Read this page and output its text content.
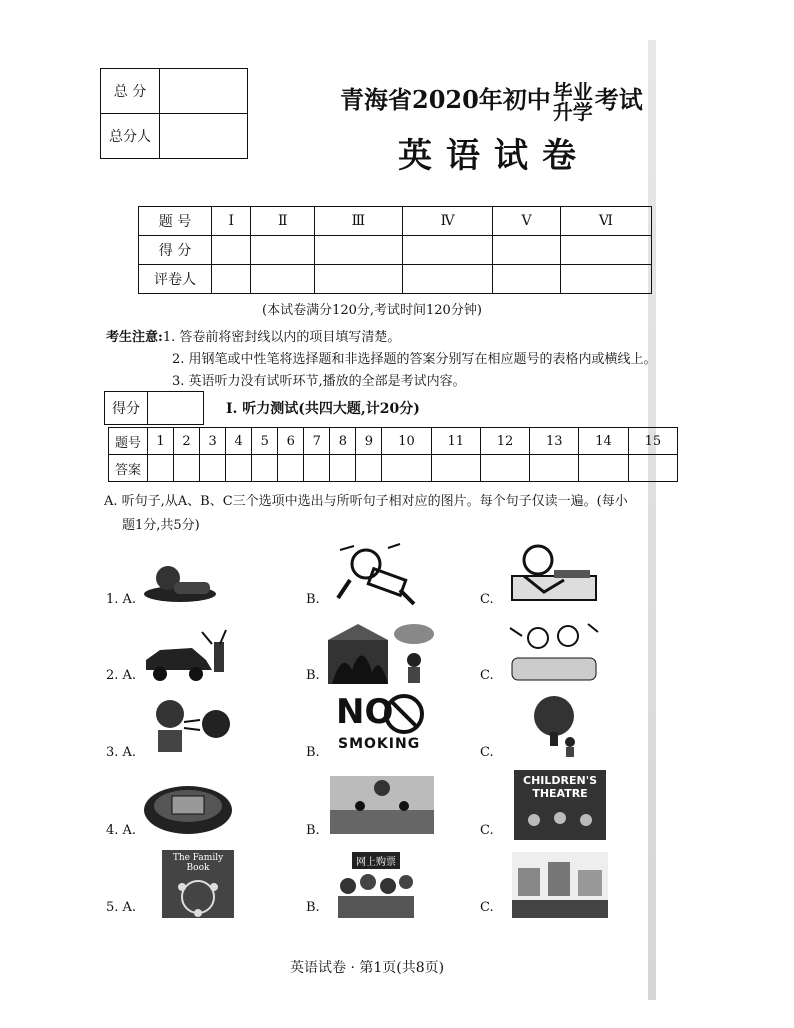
总 分	
总分人	
青海省2020年初中 毕业
升学考试
英语试卷
题 号	Ⅰ	Ⅱ	Ⅲ	Ⅳ	Ⅴ	Ⅵ
得 分						
评卷人						
(本试卷满分120分,考试时间120分钟)
考生注意:1. 答卷前将密封线以内的项目填写清楚。
2. 用钢笔或中性笔将选择题和非选择题的答案分别写在相应题号的表格内或横线上。
3. 英语听力没有试听环节,播放的全部是考试内容。
得分		Ⅰ. 听力测试(共四大题,计20分)
题号	1	2	3	4	5	6	7	8	9	10	11	12	13	14	15
答案															
A. 听句子,从A、B、C三个选项中选出与所听句子相对应的图片。每个句子仅读一遍。(每小
题1分,共5分)
1. A.	B.	C.
2. A.	B.	C.
3. A.	B.	C.
4. A.	B.	C.
5. A.	B.	C.
NO
SMOKING
CHILDREN'S
THEATRE
The Family Book	网上购票
英语试卷 · 第1页(共8页)
